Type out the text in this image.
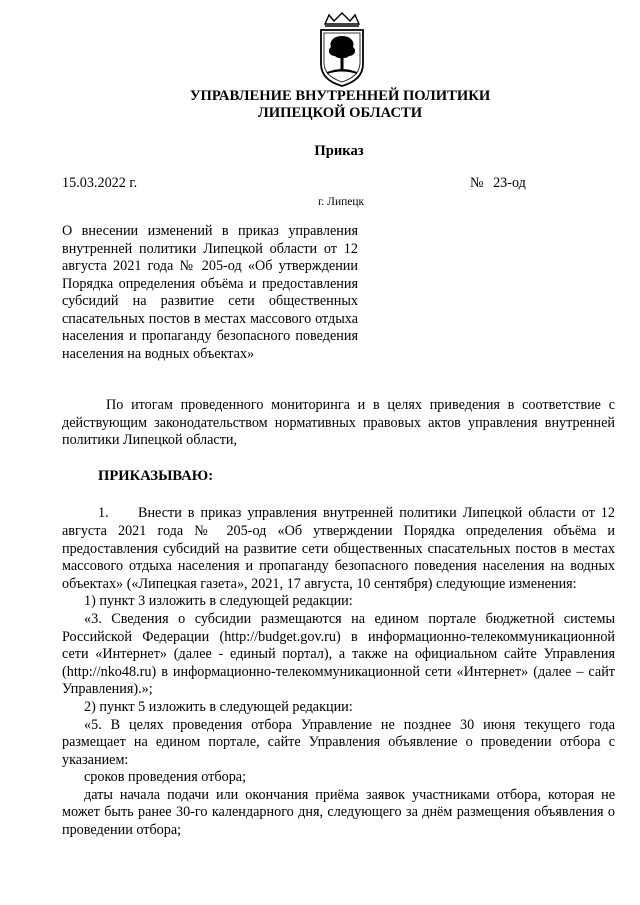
УПРАВЛЕНИЕ ВНУТРЕННЕЙ ПОЛИТИКИ
ЛИПЕЦКОЙ ОБЛАСТИ
Приказ
15.03.2022 г.	№ 23-од
г. Липецк

О внесении изменений в приказ управления внутренней политики Липецкой области от 12 августа 2021 года № 205-од «Об утверждении Порядка определения объёма и предоставления субсидий на развитие сети общественных спасательных постов в местах массового отдыха населения и пропаганду безопасного поведения населения на водных объектах»

По итогам проведенного мониторинга и в целях приведения в соответствие с действующим законодательством нормативных правовых актов управления внутренней политики Липецкой области,

ПРИКАЗЫВАЮ:

1. Внести в приказ управления внутренней политики Липецкой области от 12 августа 2021 года № 205-од «Об утверждении Порядка определения объёма и предоставления субсидий на развитие сети общественных спасательных постов в местах массового отдыха населения и пропаганду безопасного поведения населения на водных объектах» («Липецкая газета», 2021, 17 августа, 10 сентября) следующие изменения:

1) пункт 3 изложить в следующей редакции:

«3. Сведения о субсидии размещаются на едином портале бюджетной системы Российской Федерации (http://budget.gov.ru) в информационно-телекоммуникационной сети «Интернет» (далее - единый портал), а также на официальном сайте Управления (http://nko48.ru) в информационно-телекоммуникационной сети «Интернет» (далее – сайт Управления).»;

2) пункт 5 изложить в следующей редакции:

«5. В целях проведения отбора Управление не позднее 30 июня текущего года размещает на едином портале, сайте Управления объявление о проведении отбора с указанием:

сроков проведения отбора;

даты начала подачи или окончания приёма заявок участниками отбора, которая не может быть ранее 30-го календарного дня, следующего за днём размещения объявления о проведении отбора;
